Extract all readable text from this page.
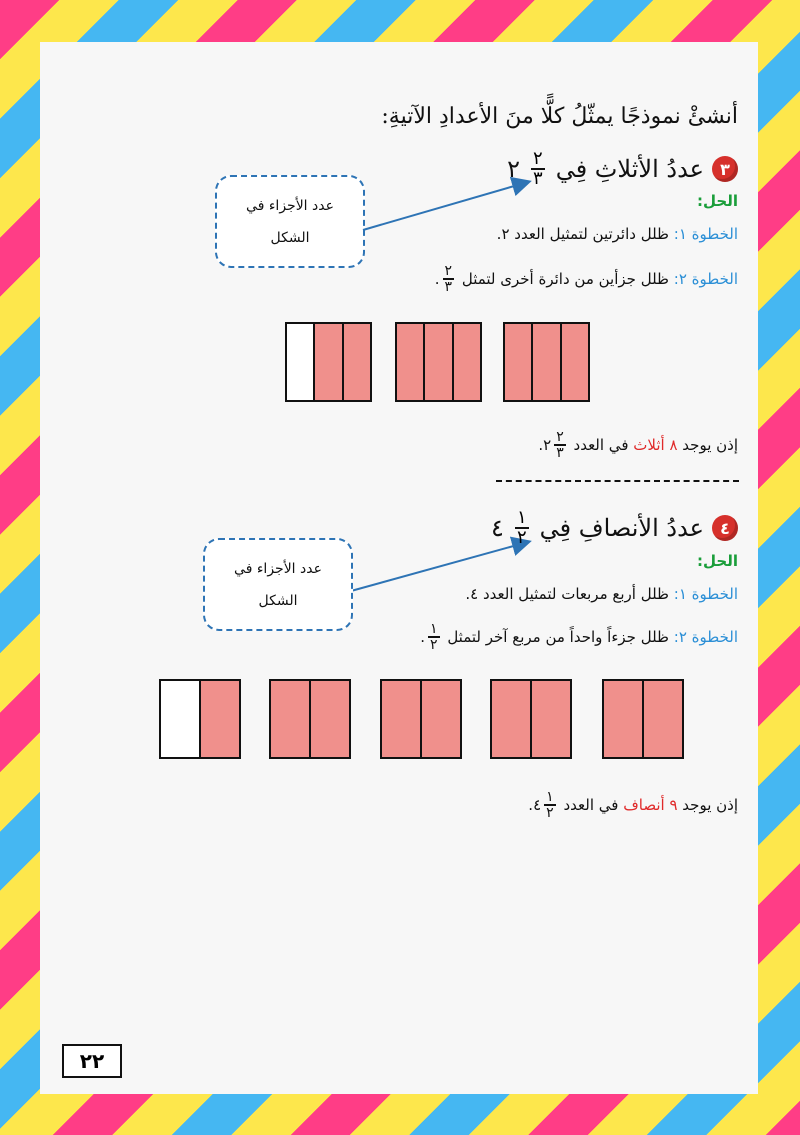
أنشئْ نموذجًا يمثّلُ كلًّا منَ الأعدادِ الآتيةِ:
٣
عددُ الأثلاثِ فِي
$\frac{٢}{٣}$
٢
عدد الأجزاء في
الشكل
الحل:
الخطوة ١:

ظلل دائرتين لتمثيل العدد ٢.
الخطوة ٢:

ظلل جزأين من دائرة أخرى لتمثل

$\frac{٢}{٣}$
.
إذن يوجد

٨ أثلاث

في العدد

$\frac{٢}{٣}$
٢
.
٤
عددُ الأنصافِ فِي
$\frac{١}{٢}$
٤
عدد الأجزاء في
الشكل
الحل:
الخطوة ١:

ظلل أربع مربعات لتمثيل العدد ٤.
الخطوة ٢:

ظلل جزءاً واحداً من مربع آخر لتمثل

$\frac{١}{٢}$
.
إذن يوجد

٩ أنصاف

في العدد

$\frac{١}{٢}$
٤
.
٢٢
